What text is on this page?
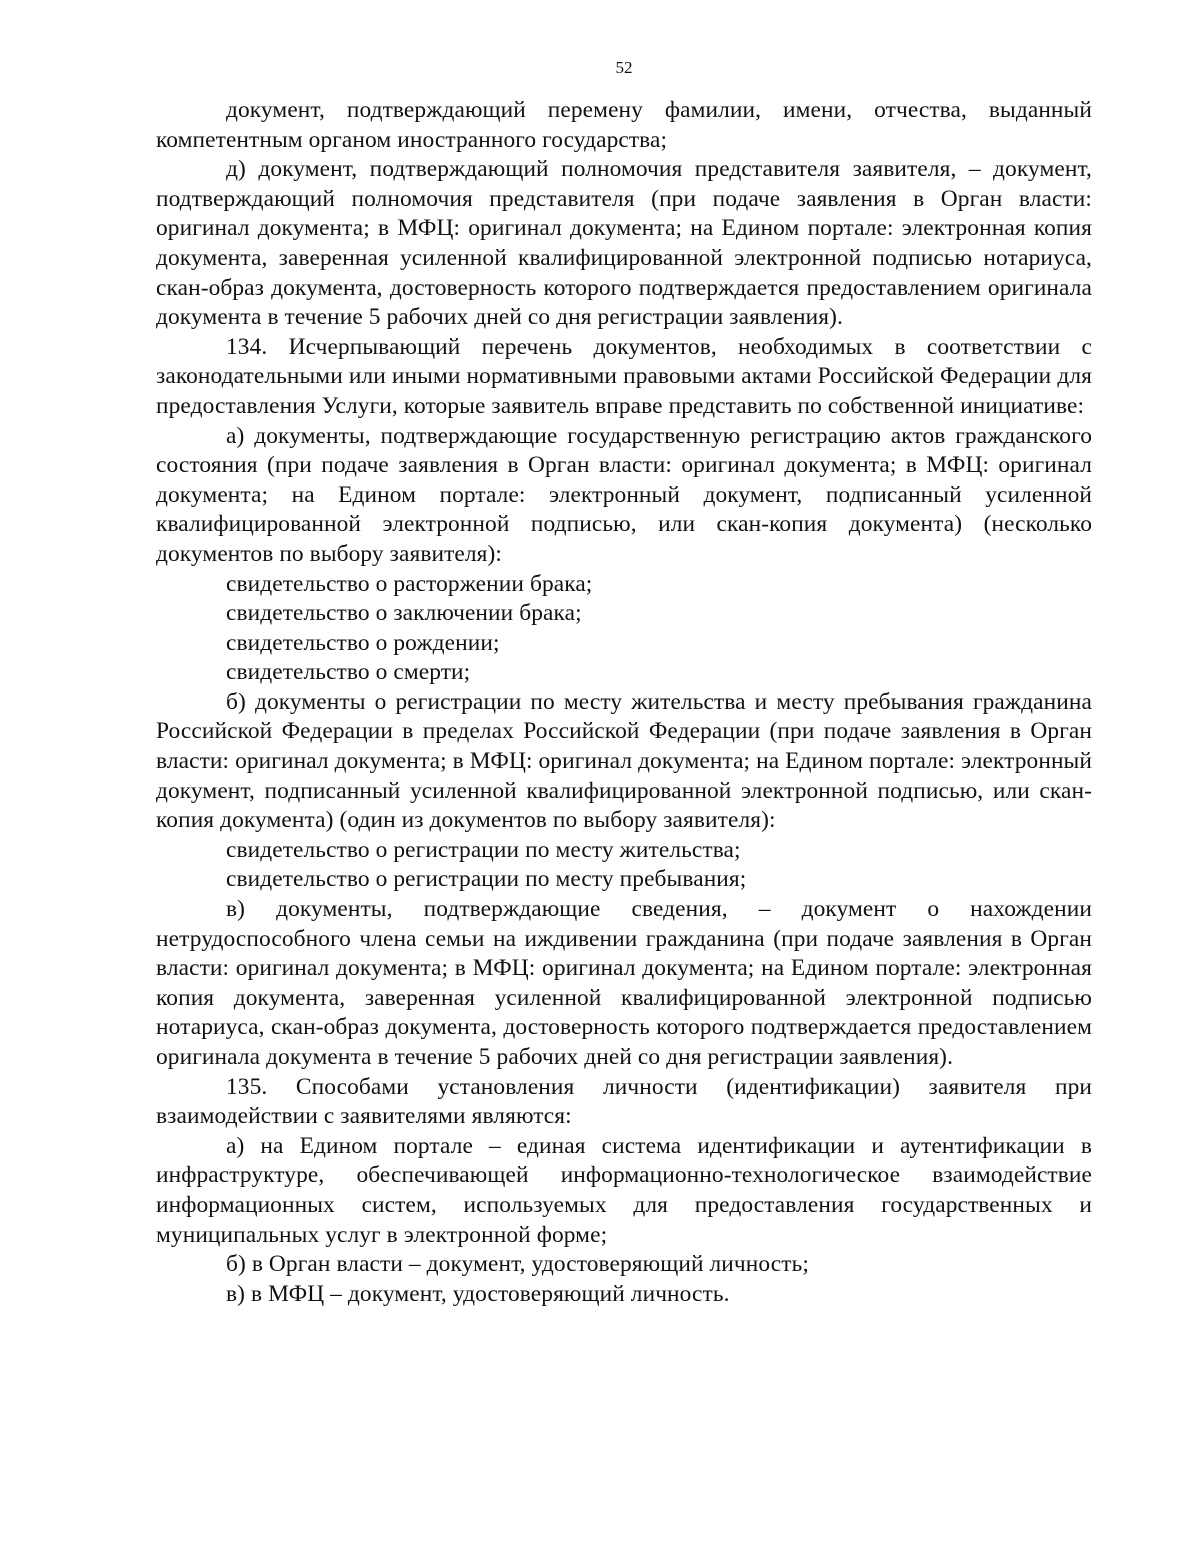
52

документ, подтверждающий перемену фамилии, имени, отчества, выданный компетентным органом иностранного государства;

д) документ, подтверждающий полномочия представителя заявителя, – документ, подтверждающий полномочия представителя (при подаче заявления в Орган власти: оригинал документа; в МФЦ: оригинал документа; на Едином портале: электронная копия документа, заверенная усиленной квалифицированной электронной подписью нотариуса, скан-образ документа, достоверность которого подтверждается предоставлением оригинала документа в течение 5 рабочих дней со дня регистрации заявления).

134. Исчерпывающий перечень документов, необходимых в соответствии с законодательными или иными нормативными правовыми актами Российской Федерации для предоставления Услуги, которые заявитель вправе представить по собственной инициативе:

а) документы, подтверждающие государственную регистрацию актов гражданского состояния (при подаче заявления в Орган власти: оригинал документа; в МФЦ: оригинал документа; на Едином портале: электронный документ, подписанный усиленной квалифицированной электронной подписью, или скан-копия документа) (несколько документов по выбору заявителя):

свидетельство о расторжении брака;

свидетельство о заключении брака;

свидетельство о рождении;

свидетельство о смерти;

б) документы о регистрации по месту жительства и месту пребывания гражданина Российской Федерации в пределах Российской Федерации (при подаче заявления в Орган власти: оригинал документа; в МФЦ: оригинал документа; на Едином портале: электронный документ, подписанный усиленной квалифицированной электронной подписью, или скан-копия документа) (один из документов по выбору заявителя):

свидетельство о регистрации по месту жительства;

свидетельство о регистрации по месту пребывания;

в) документы, подтверждающие сведения, – документ о нахождении нетрудоспособного члена семьи на иждивении гражданина (при подаче заявления в Орган власти: оригинал документа; в МФЦ: оригинал документа; на Едином портале: электронная копия документа, заверенная усиленной квалифицированной электронной подписью нотариуса, скан-образ документа, достоверность которого подтверждается предоставлением оригинала документа в течение 5 рабочих дней со дня регистрации заявления).

135. Способами установления личности (идентификации) заявителя при взаимодействии с заявителями являются:

а) на Едином портале – единая система идентификации и аутентификации в инфраструктуре, обеспечивающей информационно-технологическое взаимодействие информационных систем, используемых для предоставления государственных и муниципальных услуг в электронной форме;

б) в Орган власти – документ, удостоверяющий личность;

в) в МФЦ – документ, удостоверяющий личность.
